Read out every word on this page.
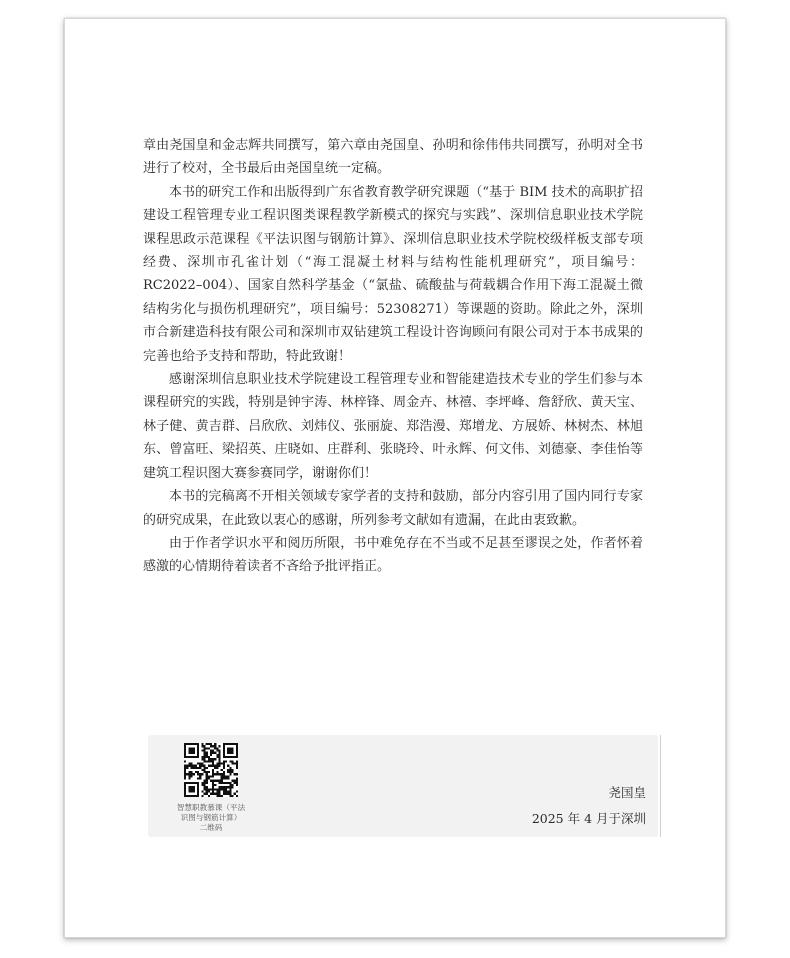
章由尧国皇和金志辉共同撰写，第六章由尧国皇、孙明和徐伟伟共同撰写，孙明对全书进行了校对，全书最后由尧国皇统一定稿。

本书的研究工作和出版得到广东省教育教学研究课题（“基于 BIM 技术的高职扩招建设工程管理专业工程识图类课程教学新模式的探究与实践”、深圳信息职业技术学院课程思政示范课程《平法识图与钢筋计算》、深圳信息职业技术学院校级样板支部专项经费、深圳市孔雀计划（“海工混凝土材料与结构性能机理研究”，项目编号：RC2022–004）、国家自然科学基金（“氯盐、硫酸盐与荷载耦合作用下海工混凝土微结构劣化与损伤机理研究”，项目编号：52308271）等课题的资助。除此之外，深圳市合新建造科技有限公司和深圳市双钻建筑工程设计咨询顾问有限公司对于本书成果的完善也给予支持和帮助，特此致谢！

感谢深圳信息职业技术学院建设工程管理专业和智能建造技术专业的学生们参与本课程研究的实践，特别是钟宇涛、林梓锋、周金卉、林禧、李坪峰、詹舒欣、黄天宝、林子健、黄吉群、吕欣欣、刘炜仪、张丽旋、郑浩漫、郑增龙、方展娇、林树杰、林旭东、曾富旺、梁招英、庄晓如、庄群利、张晓玲、叶永辉、何文伟、刘德豪、李佳怡等建筑工程识图大赛参赛同学，谢谢你们！

本书的完稿离不开相关领域专家学者的支持和鼓励，部分内容引用了国内同行专家的研究成果，在此致以衷心的感谢，所列参考文献如有遗漏，在此由衷致歉。

由于作者学识水平和阅历所限，书中难免存在不当或不足甚至谬误之处，作者怀着感激的心情期待着读者不吝给予批评指正。

智慧职教慕课（平法
识图与钢筋计算）
二维码
尧国皇
2025 年 4 月于深圳
